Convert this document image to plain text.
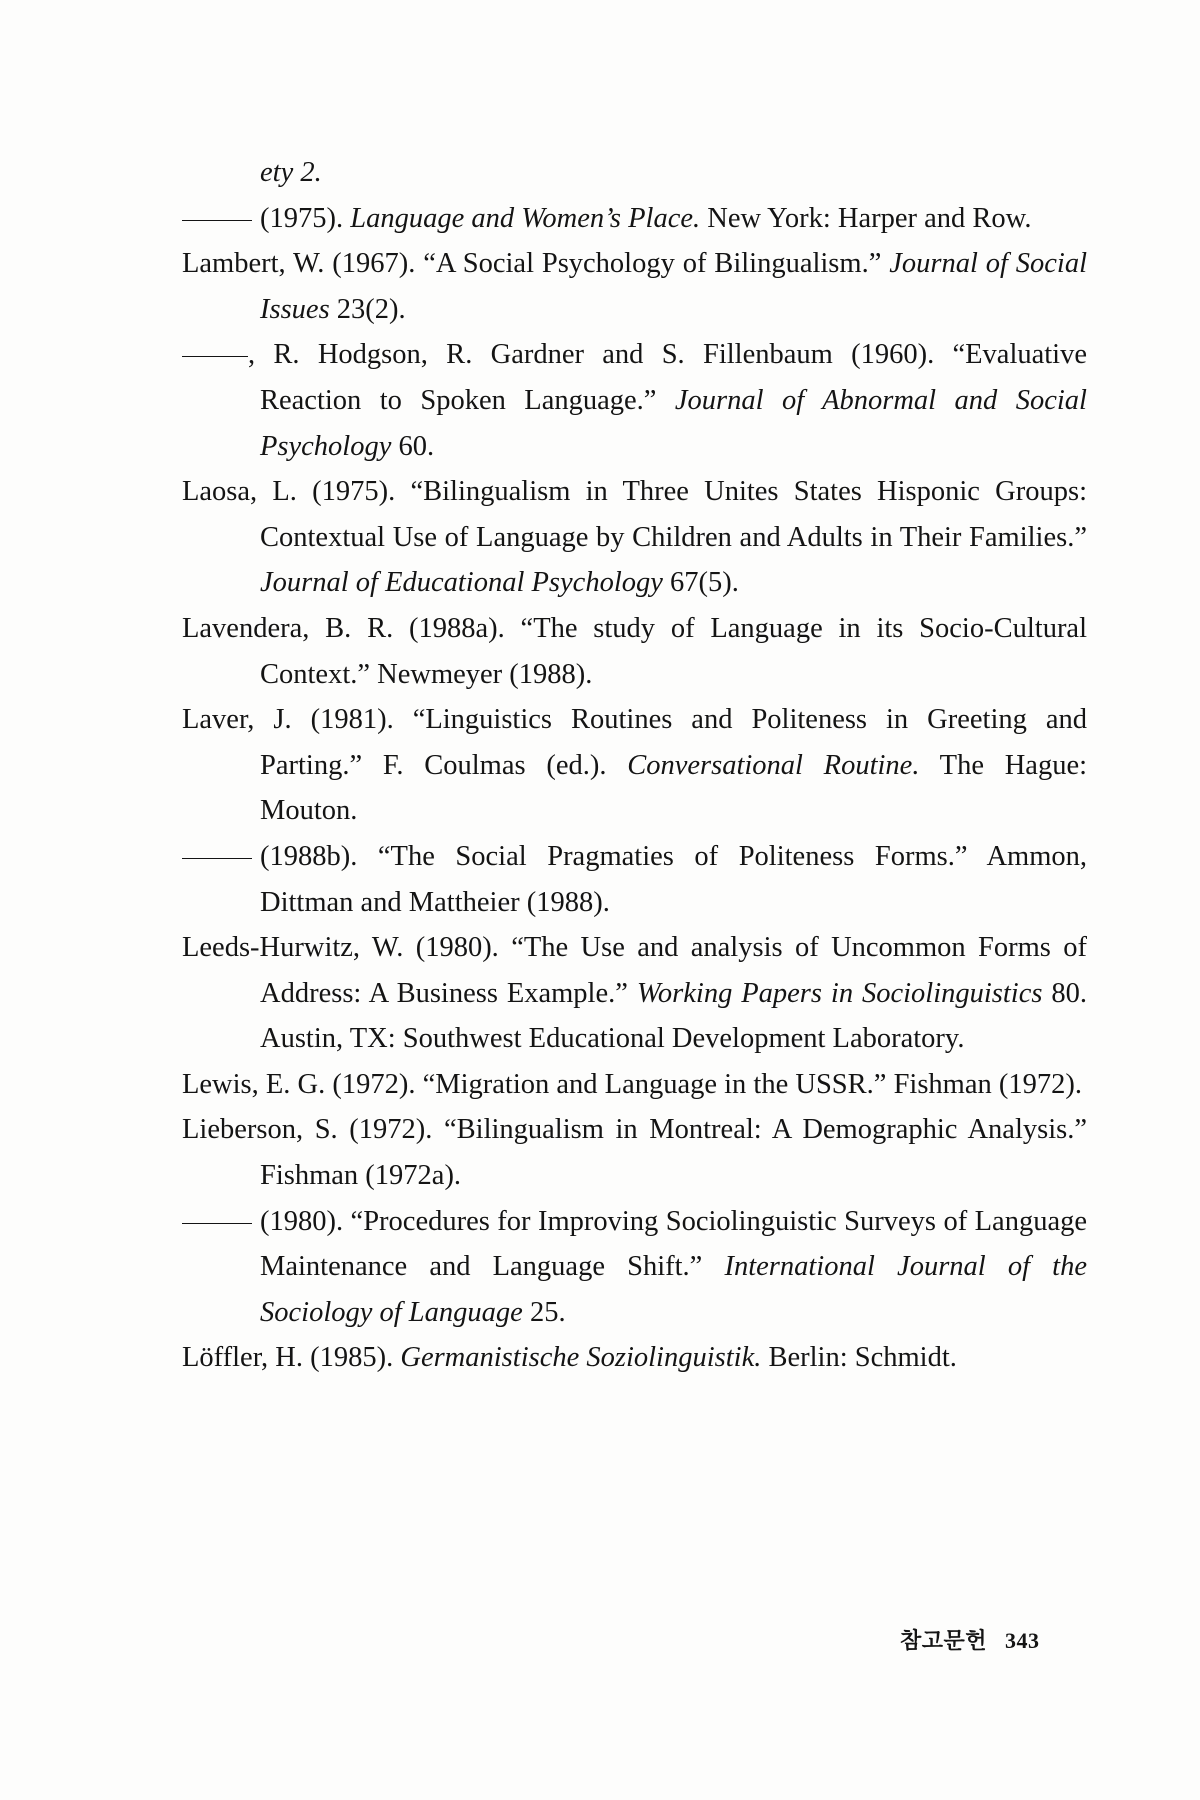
ety 2.

(1975). Language and Women’s Place. New York: Harper and Row.

Lambert, W. (1967). “A Social Psychology of Bilingualism.” Journal of Social Issues 23(2).

, R. Hodgson, R. Gardner and S. Fillenbaum (1960). “Evaluative Reaction to Spoken Language.” Journal of Abnormal and Social Psychology 60.

Laosa, L. (1975). “Bilingualism in Three Unites States Hisponic Groups: Contextual Use of Language by Children and Adults in Their Families.” Journal of Educational Psychology 67(5).

Lavendera, B. R. (1988a). “The study of Language in its Socio-Cultural Context.” Newmeyer (1988).

Laver, J. (1981). “Linguistics Routines and Politeness in Greeting and Parting.” F. Coulmas (ed.). Conversational Routine. The Hague: Mouton.

(1988b). “The Social Pragmaties of Politeness Forms.” Ammon, Dittman and Mattheier (1988).

Leeds-Hurwitz, W. (1980). “The Use and analysis of Uncommon Forms of Address: A Business Example.” Working Papers in Sociolinguistics 80. Austin, TX: Southwest Educational Development Laboratory.

Lewis, E. G. (1972). “Migration and Language in the USSR.” Fishman (1972).

Lieberson, S. (1972). “Bilingualism in Montreal: A Demographic Analysis.” Fishman (1972a).

(1980). “Procedures for Improving Sociolinguistic Surveys of Language Maintenance and Language Shift.” International Journal of the Sociology of Language 25.

Löffler, H. (1985). Germanistische Soziolinguistik. Berlin: Schmidt.

참고문헌 343
